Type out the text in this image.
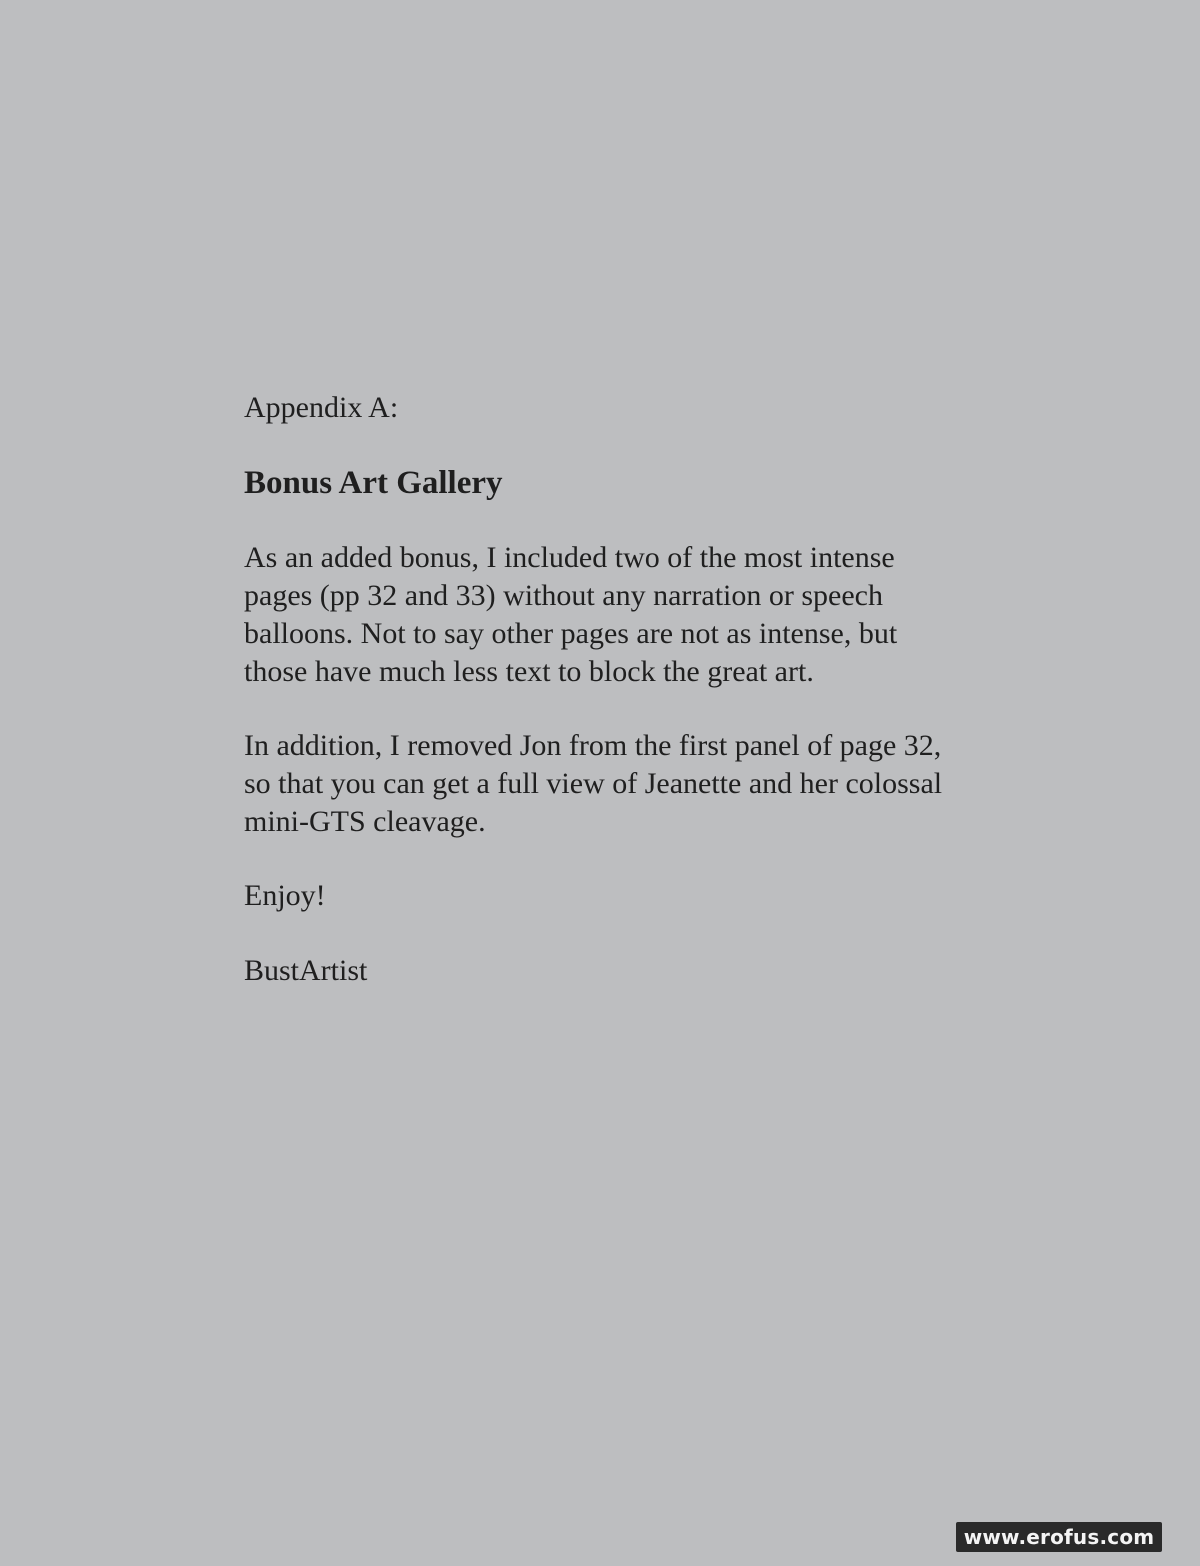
Appendix A:

Bonus Art Gallery

As an added bonus, I included two of the most intense pages (pp 32 and 33) without any narration or speech balloons. Not to say other pages are not as intense, but those have much less text to block the great art.

In addition, I removed Jon from the first panel of page 32, so that you can get a full view of Jeanette and her colossal mini-GTS cleavage.

Enjoy!

BustArtist

www.erofus.com
